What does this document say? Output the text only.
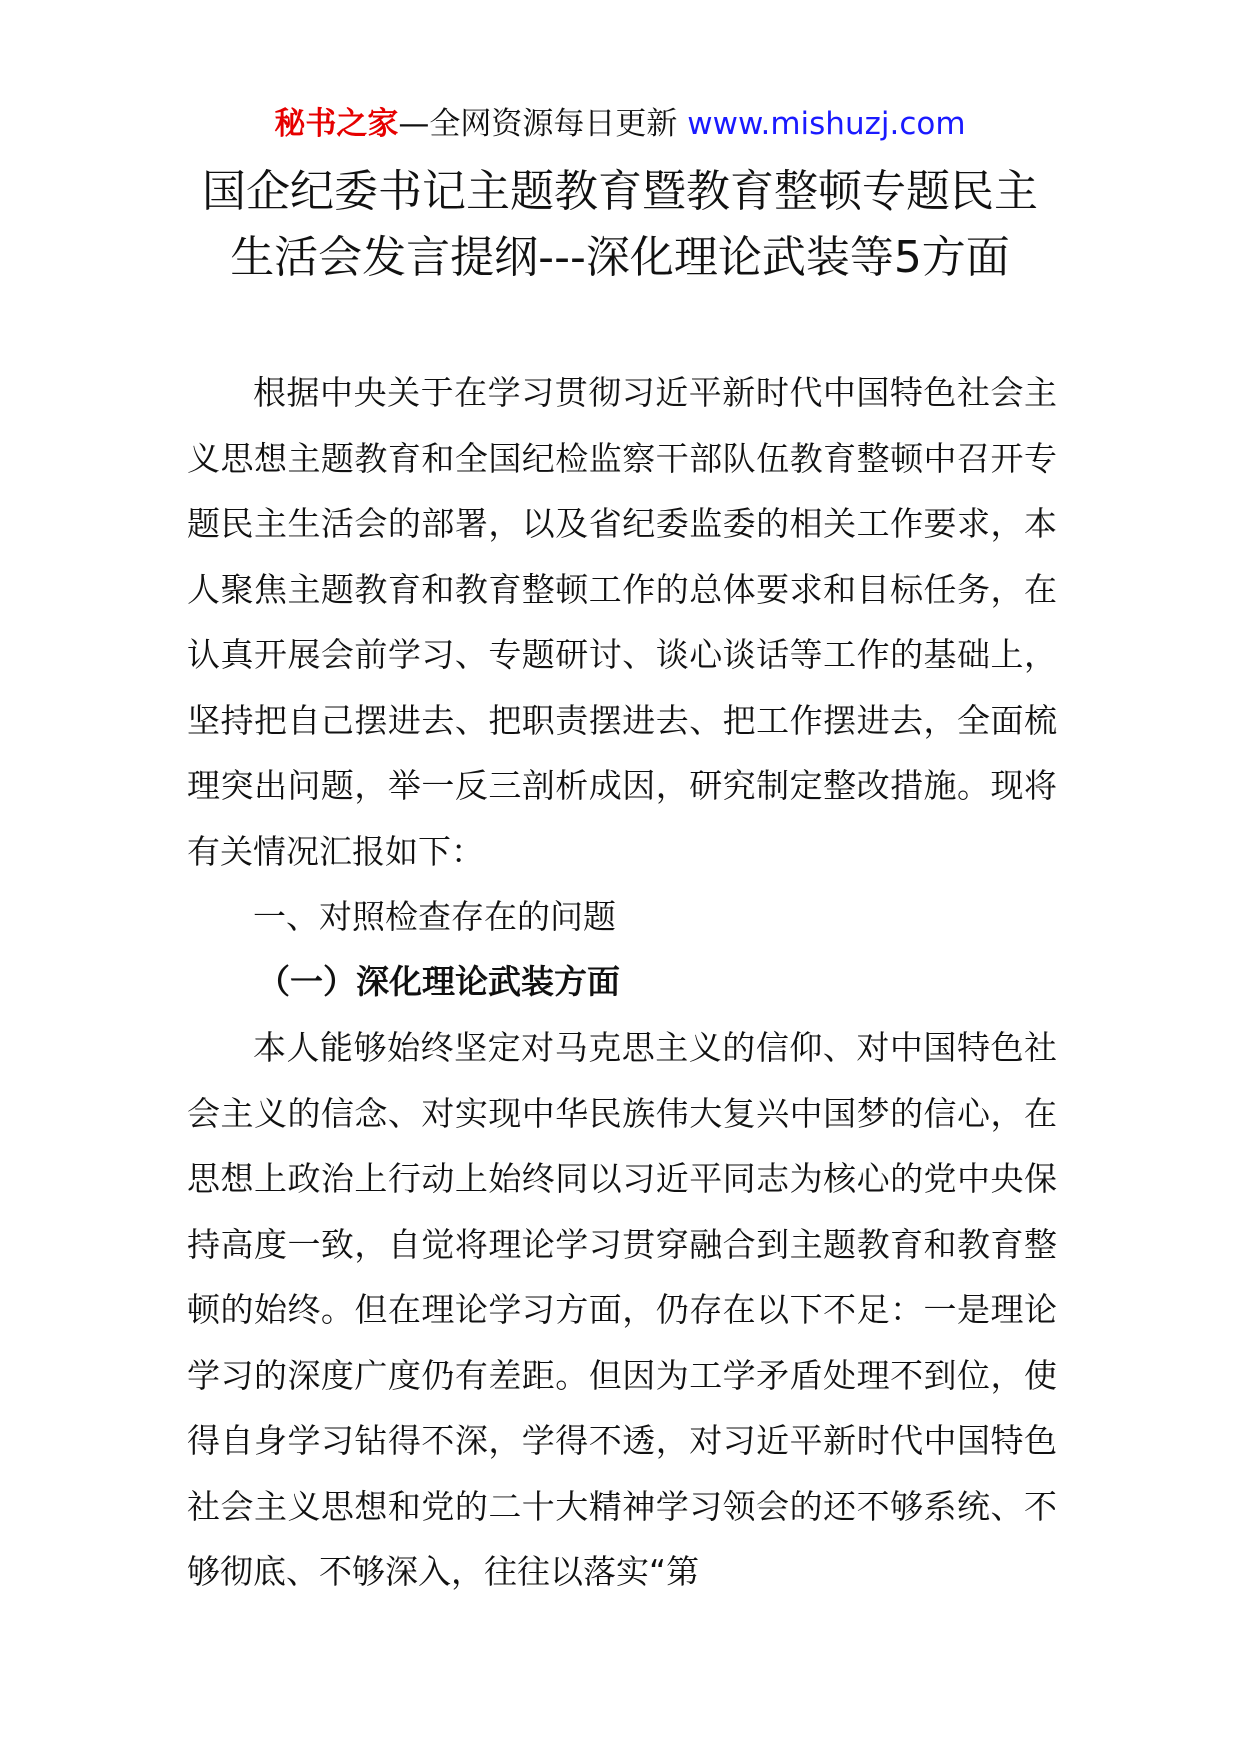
秘书之家—全网资源每日更新 www.mishuzj.com
国企纪委书记主题教育暨教育整顿专题民主
生活会发言提纲---深化理论武装等5方面

根据中央关于在学习贯彻习近平新时代中国特色社会主义思想主题教育和全国纪检监察干部队伍教育整顿中召开专题民主生活会的部署，以及省纪委监委的相关工作要求，本人聚焦主题教育和教育整顿工作的总体要求和目标任务，在认真开展会前学习、专题研讨、谈心谈话等工作的基础上，坚持把自己摆进去、把职责摆进去、把工作摆进去，全面梳理突出问题，举一反三剖析成因，研究制定整改措施。现将有关情况汇报如下：

一、对照检查存在的问题

（一）深化理论武装方面

本人能够始终坚定对马克思主义的信仰、对中国特色社会主义的信念、对实现中华民族伟大复兴中国梦的信心，在思想上政治上行动上始终同以习近平同志为核心的党中央保持高度一致，自觉将理论学习贯穿融合到主题教育和教育整顿的始终。但在理论学习方面，仍存在以下不足：一是理论学习的深度广度仍有差距。但因为工学矛盾处理不到位，使得自身学习钻得不深，学得不透，对习近平新时代中国特色社会主义思想和党的二十大精神学习领会的还不够系统、不够彻底、不够深入，往往以落实“第
